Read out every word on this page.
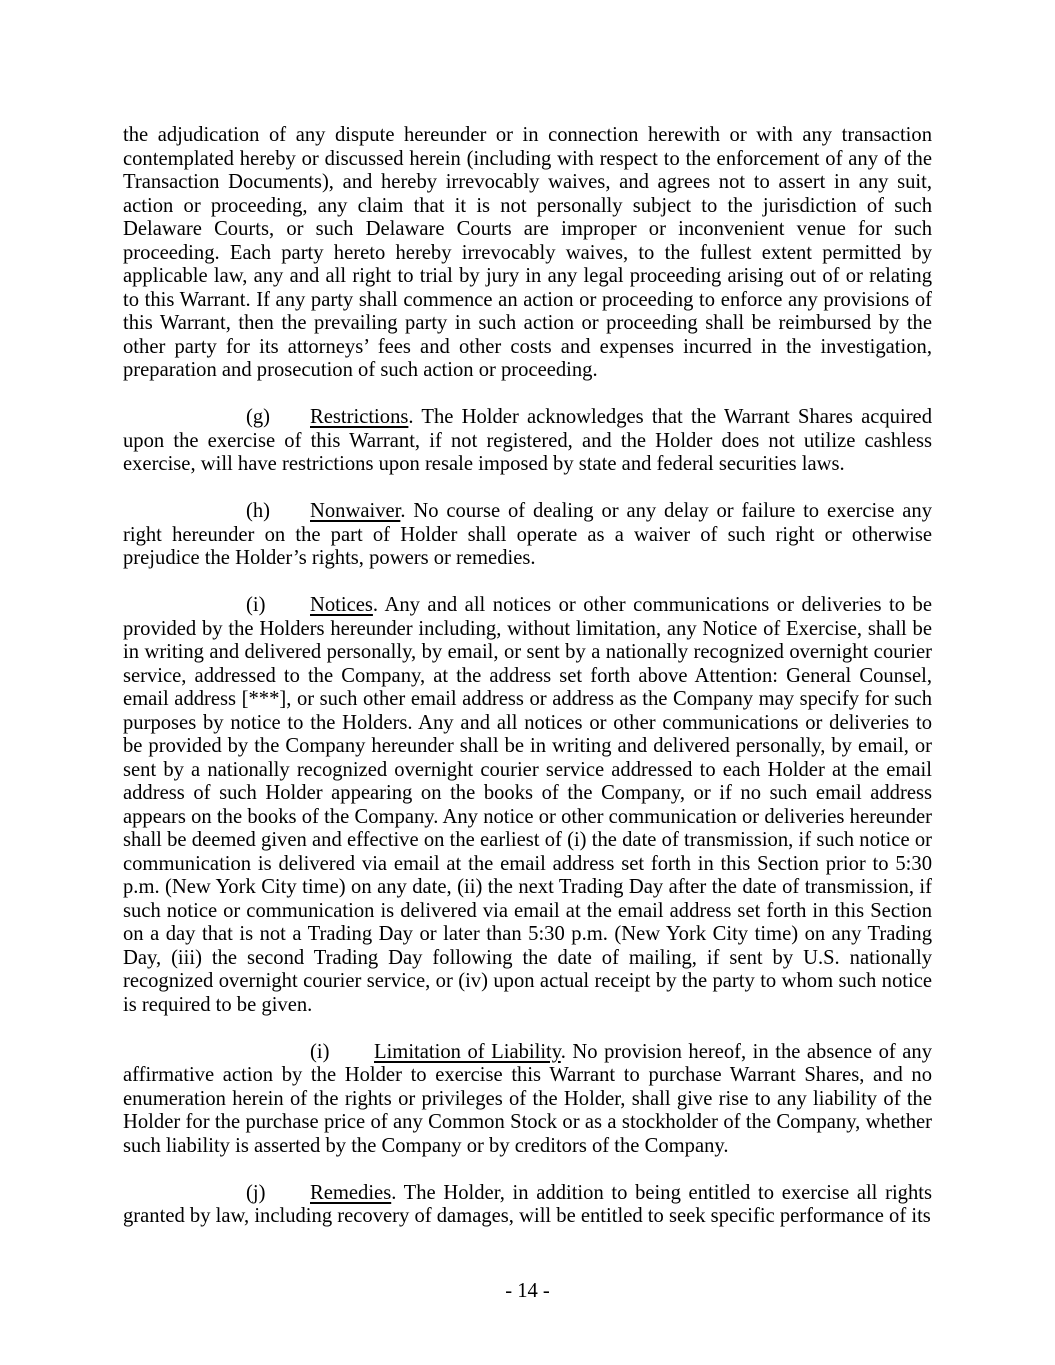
the adjudication of any dispute hereunder or in connection herewith or with any transaction contemplated hereby or discussed herein (including with respect to the enforcement of any of the Transaction Documents), and hereby irrevocably waives, and agrees not to assert in any suit, action or proceeding, any claim that it is not personally subject to the jurisdiction of such Delaware Courts, or such Delaware Courts are improper or inconvenient venue for such proceeding. Each party hereto hereby irrevocably waives, to the fullest extent permitted by applicable law, any and all right to trial by jury in any legal proceeding arising out of or relating to this Warrant. If any party shall commence an action or proceeding to enforce any provisions of this Warrant, then the prevailing party in such action or proceeding shall be reimbursed by the other party for its attorneys’ fees and other costs and expenses incurred in the investigation, preparation and prosecution of such action or proceeding.

(g) Restrictions. The Holder acknowledges that the Warrant Shares acquired upon the exercise of this Warrant, if not registered, and the Holder does not utilize cashless exercise, will have restrictions upon resale imposed by state and federal securities laws.

(h) Nonwaiver. No course of dealing or any delay or failure to exercise any right hereunder on the part of Holder shall operate as a waiver of such right or otherwise prejudice the Holder’s rights, powers or remedies.

(i) Notices. Any and all notices or other communications or deliveries to be provided by the Holders hereunder including, without limitation, any Notice of Exercise, shall be in writing and delivered personally, by email, or sent by a nationally recognized overnight courier service, addressed to the Company, at the address set forth above Attention: General Counsel, email address [***], or such other email address or address as the Company may specify for such purposes by notice to the Holders. Any and all notices or other communications or deliveries to be provided by the Company hereunder shall be in writing and delivered personally, by email, or sent by a nationally recognized overnight courier service addressed to each Holder at the email address of such Holder appearing on the books of the Company, or if no such email address appears on the books of the Company. Any notice or other communication or deliveries hereunder shall be deemed given and effective on the earliest of (i) the date of transmission, if such notice or communication is delivered via email at the email address set forth in this Section prior to 5:30 p.m. (New York City time) on any date, (ii) the next Trading Day after the date of transmission, if such notice or communication is delivered via email at the email address set forth in this Section on a day that is not a Trading Day or later than 5:30 p.m. (New York City time) on any Trading Day, (iii) the second Trading Day following the date of mailing, if sent by U.S. nationally recognized overnight courier service, or (iv) upon actual receipt by the party to whom such notice is required to be given.

(i) Limitation of Liability. No provision hereof, in the absence of any affirmative action by the Holder to exercise this Warrant to purchase Warrant Shares, and no enumeration herein of the rights or privileges of the Holder, shall give rise to any liability of the Holder for the purchase price of any Common Stock or as a stockholder of the Company, whether such liability is asserted by the Company or by creditors of the Company.

(j) Remedies. The Holder, in addition to being entitled to exercise all rights granted by law, including recovery of damages, will be entitled to seek specific performance of its

- 14 -
